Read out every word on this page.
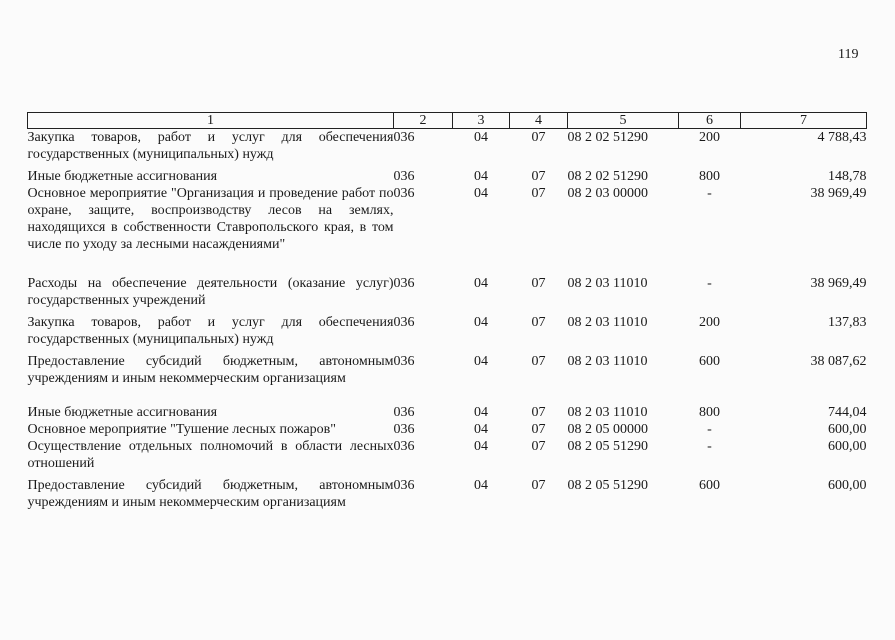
119
1	2	3	4	5	6	7
Закупка товаров, работ и услуг для обеспечения государственных (муниципальных) нужд	036	04	07	08 2 02 51290	200	4 788,43
Иные бюджетные ассигнования	036	04	07	08 2 02 51290	800	148,78
Основное мероприятие "Организация и проведение работ по охране, защите, воспроизводству лесов на землях, находящихся в собственности Ставропольского края, в том числе по уходу за лесными насаждениями"	036	04	07	08 2 03 00000	-	38 969,49
Расходы на обеспечение деятельности (оказание услуг) государственных учреждений	036	04	07	08 2 03 11010	-	38 969,49
Закупка товаров, работ и услуг для обеспечения государственных (муниципальных) нужд	036	04	07	08 2 03 11010	200	137,83
Предоставление субсидий бюджетным, автономным учреждениям и иным некоммерческим организациям	036	04	07	08 2 03 11010	600	38 087,62
Иные бюджетные ассигнования	036	04	07	08 2 03 11010	800	744,04
Основное мероприятие "Тушение лесных пожаров"	036	04	07	08 2 05 00000	-	600,00
Осуществление отдельных полномочий в области лесных отношений	036	04	07	08 2 05 51290	-	600,00
Предоставление субсидий бюджетным, автономным учреждениям и иным некоммерческим организациям	036	04	07	08 2 05 51290	600	600,00
